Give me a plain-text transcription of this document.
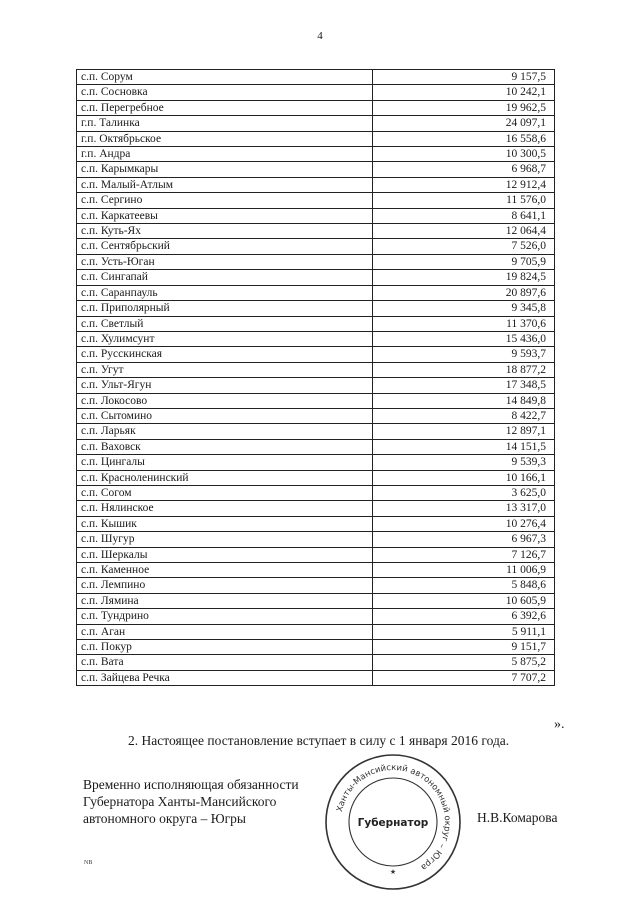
4
с.п. Сорум	9 157,5
с.п. Сосновка	10 242,1
с.п. Перегребное	19 962,5
г.п. Талинка	24 097,1
г.п. Октябрьское	16 558,6
г.п. Андра	10 300,5
с.п. Карымкары	6 968,7
с.п. Малый-Атлым	12 912,4
с.п. Сергино	11 576,0
с.п. Каркатеевы	8 641,1
с.п. Куть-Ях	12 064,4
с.п. Сентябрьский	7 526,0
с.п. Усть-Юган	9 705,9
с.п. Сингапай	19 824,5
с.п. Саранпауль	20 897,6
с.п. Приполярный	9 345,8
с.п. Светлый	11 370,6
с.п. Хулимсунт	15 436,0
с.п. Русскинская	9 593,7
с.п. Угут	18 877,2
с.п. Ульт-Ягун	17 348,5
с.п. Локосово	14 849,8
с.п. Сытомино	8 422,7
с.п. Ларьяк	12 897,1
с.п. Ваховск	14 151,5
с.п. Цингалы	9 539,3
с.п. Красноленинский	10 166,1
с.п. Согом	3 625,0
с.п. Нялинское	13 317,0
с.п. Кышик	10 276,4
с.п. Шугур	6 967,3
с.п. Шеркалы	7 126,7
с.п. Каменное	11 006,9
с.п. Лемпино	5 848,6
с.п. Лямина	10 605,9
с.п. Тундрино	6 392,6
с.п. Аган	5 911,1
с.п. Покур	9 151,7
с.п. Вата	5 875,2
с.п. Зайцева Речка	7 707,2
».
2. Настоящее постановление вступает в силу с 1 января 2016 года.
Временно исполняющая обязанности
Губернатора Ханты-Мансийского
автономного округа – Югры	Н.В.Комарова
Ханты-Мансийский автономный округ – Югра
Губернатор
★
NB
